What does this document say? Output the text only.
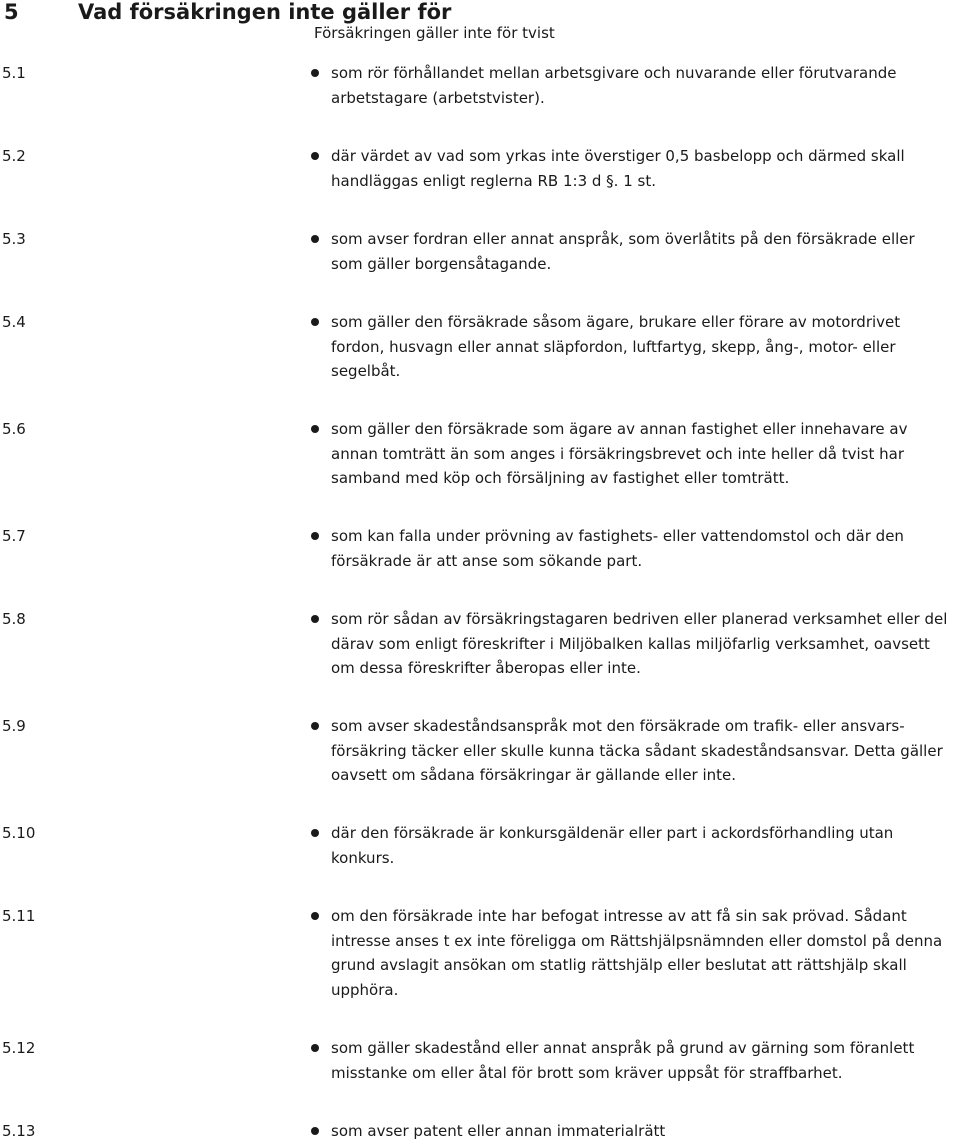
5	Vad försäkringen inte gäller för
Försäkringen gäller inte för tvist
5.1	som rör förhållandet mellan arbetsgivare och nuvarande eller förutvarande
arbetstagare (arbetstvister).
5.2	där värdet av vad som yrkas inte överstiger 0,5 basbelopp och därmed skall
handläggas enligt reglerna RB 1:3 d §. 1 st.
5.3	som avser fordran eller annat anspråk, som överlåtits på den försäkrade eller
som gäller borgensåtagande.
5.4	som gäller den försäkrade såsom ägare, brukare eller förare av motordrivet
fordon, husvagn eller annat släpfordon, luftfartyg, skepp, ång-, motor- eller
segelbåt.
5.6	som gäller den försäkrade som ägare av annan fastighet eller innehavare av
annan tomträtt än som anges i försäkringsbrevet och inte heller då tvist har
samband med köp och försäljning av fastighet eller tomträtt.
5.7	som kan falla under prövning av fastighets- eller vattendomstol och där den
försäkrade är att anse som sökande part.
5.8	som rör sådan av försäkringstagaren bedriven eller planerad verksamhet eller del
därav som enligt föreskrifter i Miljöbalken kallas miljöfarlig verksamhet, oavsett
om dessa föreskrifter åberopas eller inte.
5.9	som avser skadeståndsanspråk mot den försäkrade om trafik- eller ansvars-
försäkring täcker eller skulle kunna täcka sådant skadeståndsansvar. Detta gäller
oavsett om sådana försäkringar är gällande eller inte.
5.10	där den försäkrade är konkursgäldenär eller part i ackordsförhandling utan
konkurs.
5.11	om den försäkrade inte har befogat intresse av att få sin sak prövad. Sådant
intresse anses t ex inte föreligga om Rättshjälpsnämnden eller domstol på denna
grund avslagit ansökan om statlig rättshjälp eller beslutat att rättshjälp skall
upphöra.
5.12	som gäller skadestånd eller annat anspråk på grund av gärning som föranlett
misstanke om eller åtal för brott som kräver uppsåt för straffbarhet.
5.13	som avser patent eller annan immaterialrätt
